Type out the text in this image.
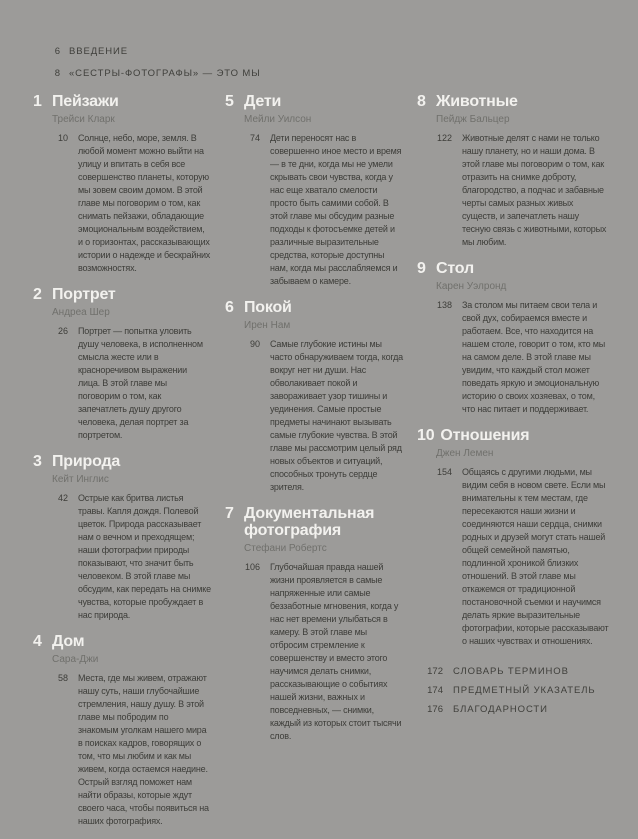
6 ВВЕДЕНИЕ
8 «СЕСТРЫ-ФОТОГРАФЫ» — ЭТО МЫ
1 Пейзажи
Трейси Кларк
10	Солнце, небо, море, земля. В любой момент можно выйти на улицу и впитать в себя все совершенство планеты, которую мы зовем своим домом. В этой главе мы поговорим о том, как снимать пейзажи, обладающие эмоциональным воздействием, и о горизонтах, рассказывающих истории о надежде и бескрайних возможностях.

2 Портрет
Андреа Шер
26	Портрет — попытка уловить душу человека, в исполненном смысла жесте или в красноречивом выражении лица. В этой главе мы поговорим о том, как запечатлеть душу другого человека, делая портрет за портретом.

3 Природа
Кейт Инглис
42	Острые как бритва листья травы. Капля дождя. Полевой цветок. Природа рассказывает нам о вечном и преходящем; наши фотографии природы показывают, что значит быть человеком. В этой главе мы обсудим, как передать на снимке чувства, которые пробуждает в нас природа.

4 Дом
Сара-Джи
58	Места, где мы живем, отражают нашу суть, наши глубочайшие стремления, нашу душу. В этой главе мы побродим по знакомым уголкам нашего мира в поисках кадров, говорящих о том, что мы любим и как мы живем, когда остаемся наедине. Острый взгляд поможет нам найти образы, которые ждут своего часа, чтобы появиться на наших фотографиях.

5 Дети
Мейли Уилсон
74	Дети переносят нас в совершенно иное место и время — в те дни, когда мы не умели скрывать свои чувства, когда у нас еще хватало смелости просто быть самими собой. В этой главе мы обсудим разные подходы к фотосъемке детей и различные выразительные средства, которые доступны нам, когда мы расслабляемся и забываем о камере.

6 Покой
Ирен Нам
90	Самые глубокие истины мы часто обнаруживаем тогда, когда вокруг нет ни души. Нас обволакивает покой и завораживает узор тишины и уединения. Самые простые предметы начинают вызывать самые глубокие чувства. В этой главе мы рассмотрим целый ряд новых объектов и ситуаций, способных тронуть сердце зрителя.

7 Документальная фотография
Стефани Робертс
106	Глубочайшая правда нашей жизни проявляется в самые напряженные или самые беззаботные мгновения, когда у нас нет времени улыбаться в камеру. В этой главе мы отбросим стремление к совершенству и вместо этого научимся делать снимки, рассказывающие о событиях нашей жизни, важных и повседневных, — снимки, каждый из которых стоит тысячи слов.

8 Животные
Пейдж Бальцер
122	Животные делят с нами не только нашу планету, но и наши дома. В этой главе мы поговорим о том, как отразить на снимке доброту, благородство, а подчас и забавные черты самых разных живых существ, и запечатлеть нашу тесную связь с животными, которых мы любим.

9 Стол
Карен Уэлронд
138	За столом мы питаем свои тела и свой дух, собираемся вместе и работаем. Все, что находится на нашем столе, говорит о том, кто мы на самом деле. В этой главе мы увидим, что каждый стол может поведать яркую и эмоциональную историю о своих хозяевах, о том, что нас питает и поддерживает.

10 Отношения
Джен Лемен
154	Общаясь с другими людьми, мы видим себя в новом свете. Если мы внимательны к тем местам, где пересекаются наши жизни и соединяются наши сердца, снимки родных и друзей могут стать нашей общей семейной памятью, подлинной хроникой близких отношений. В этой главе мы откажемся от традиционной постановочной съемки и научимся делать яркие выразительные фотографии, которые рассказывают о наших чувствах и отношениях.

172 СЛОВАРЬ ТЕРМИНОВ
174 ПРЕДМЕТНЫЙ УКАЗАТЕЛЬ
176 БЛАГОДАРНОСТИ
